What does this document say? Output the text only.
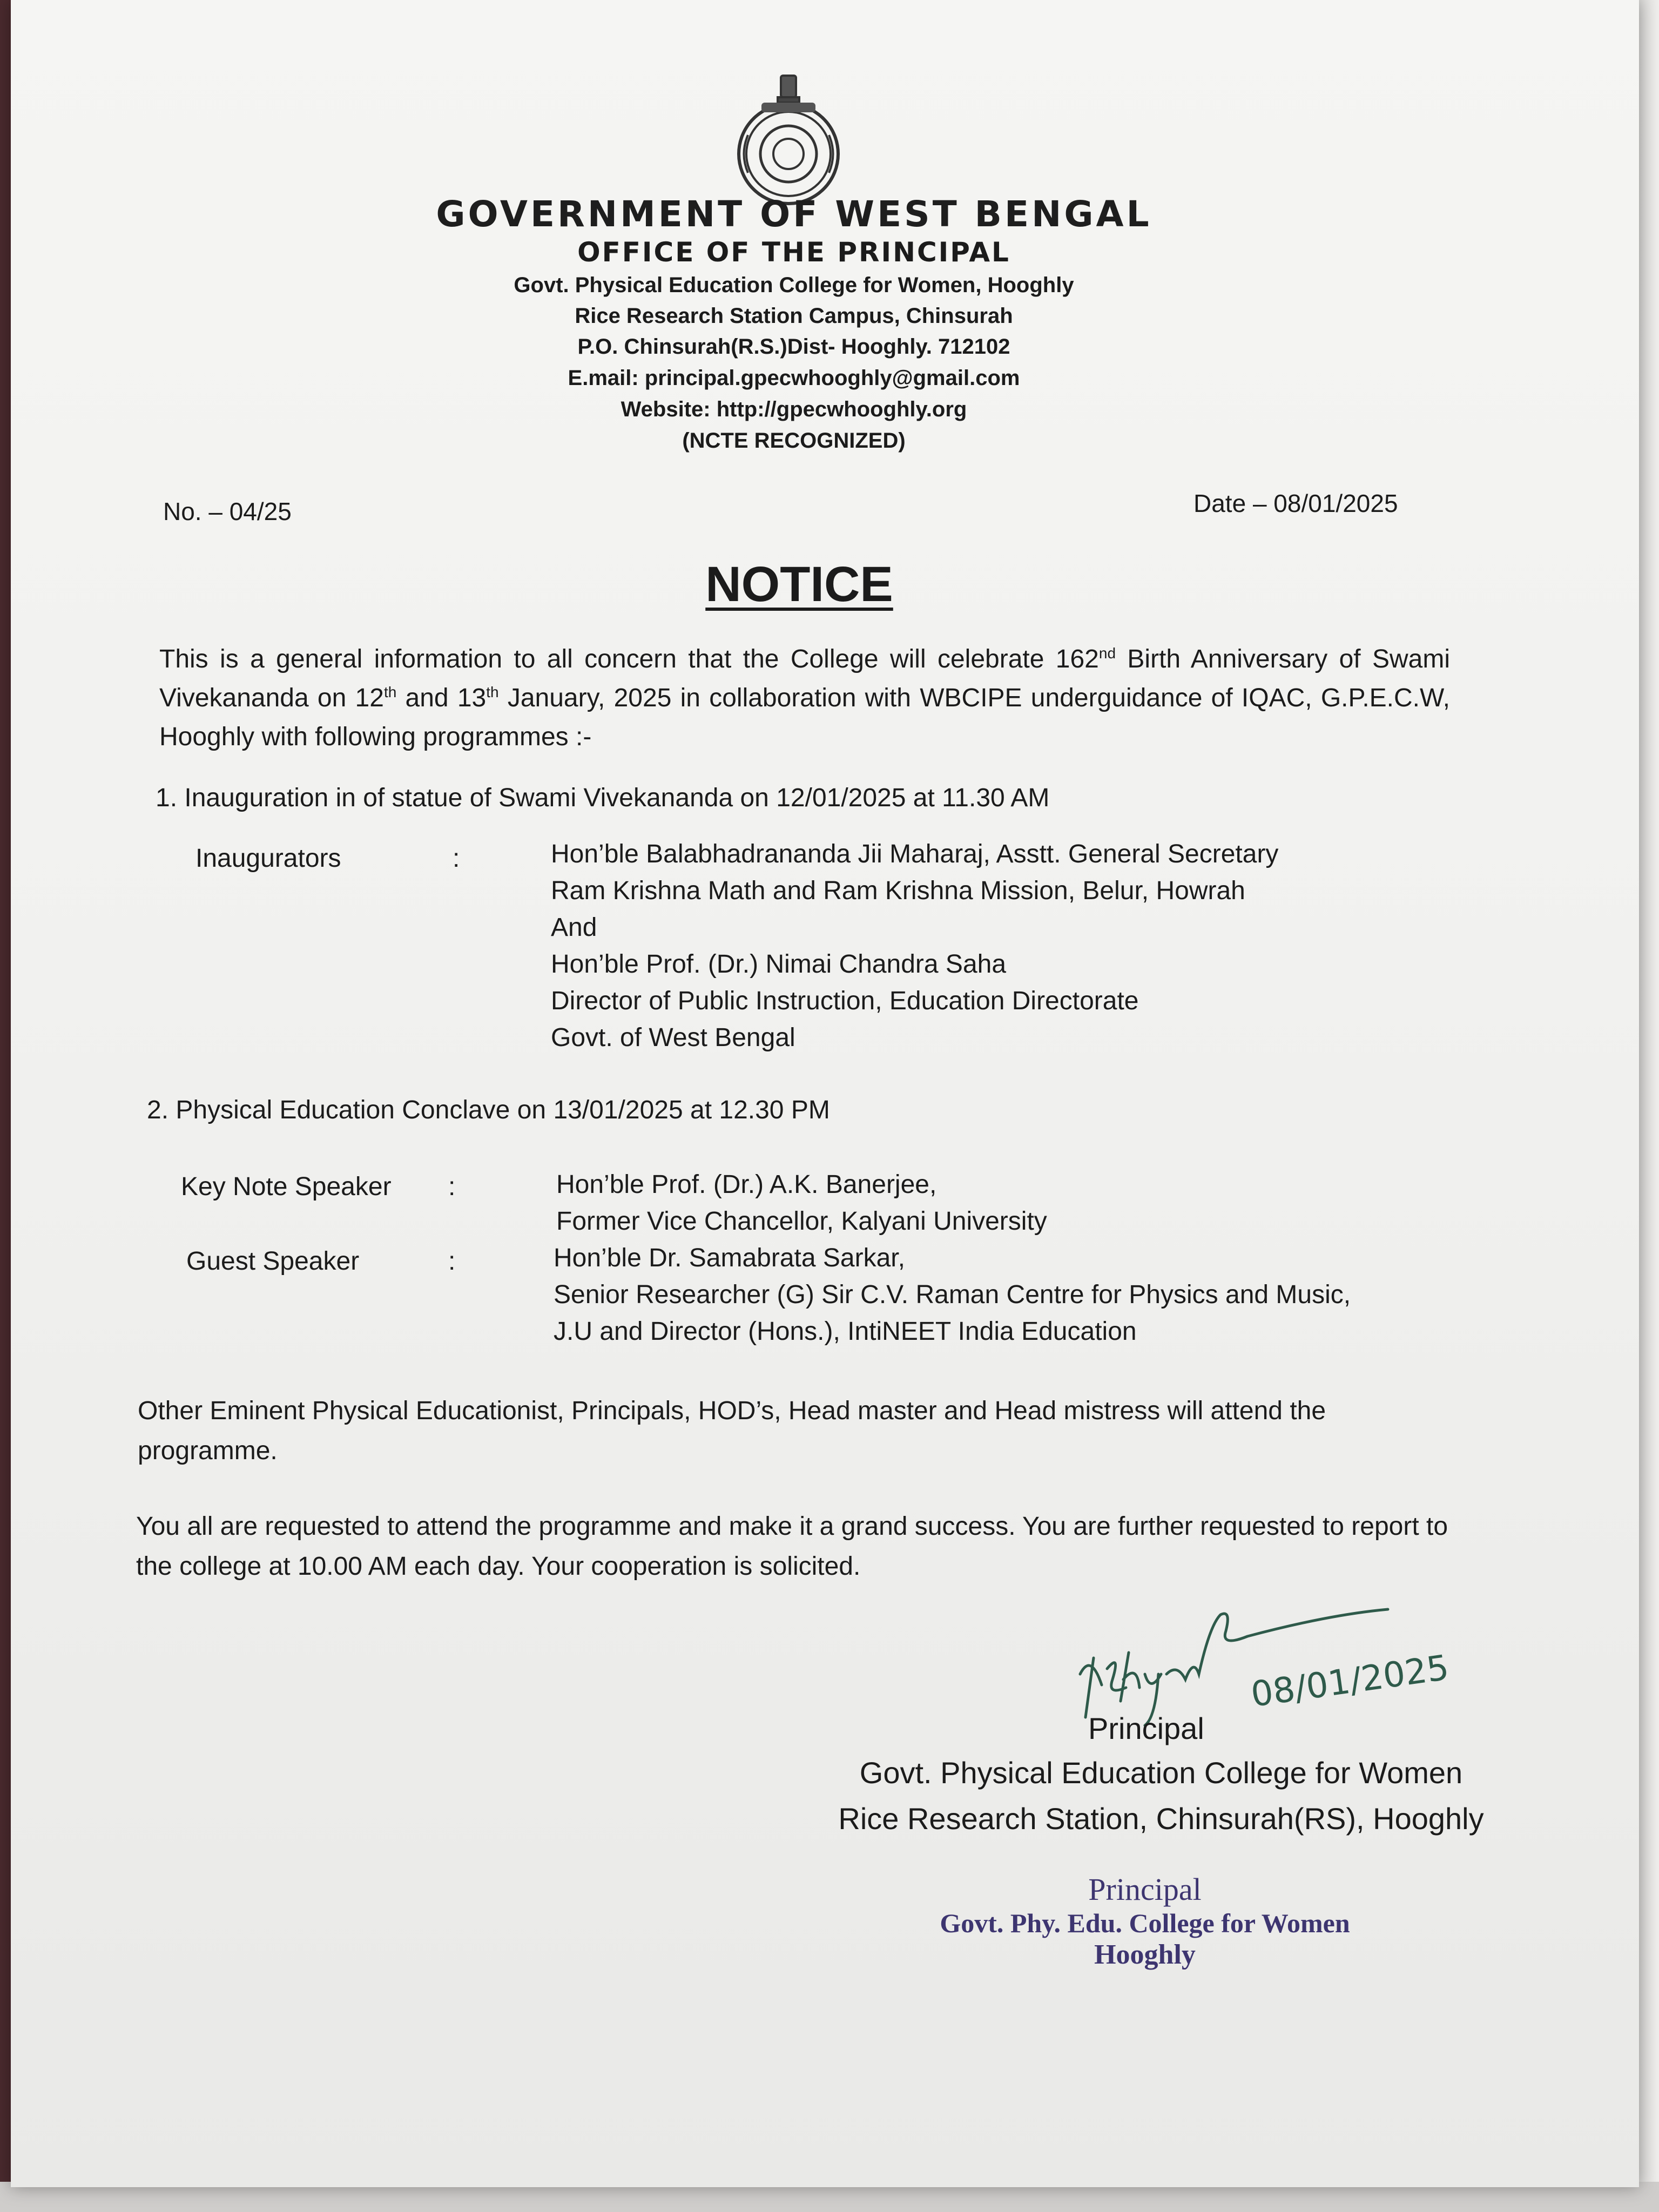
GOVERNMENT OF WEST BENGAL
OFFICE OF THE PRINCIPAL
Govt. Physical Education College for Women, Hooghly
Rice Research Station Campus, Chinsurah
P.O. Chinsurah(R.S.)Dist- Hooghly. 712102
E.mail: principal.gpecwhooghly@gmail.com
Website: http://gpecwhooghly.org
(NCTE RECOGNIZED)
No. – 04/25	Date – 08/01/2025
NOTICE

This is a general information to all concern that the College will celebrate 162nd Birth Anniversary of Swami Vivekananda on 12th and 13th January, 2025 in collaboration with WBCIPE underguidance of IQAC, G.P.E.C.W, Hooghly with following programmes :-

1. Inauguration in of statue of Swami Vivekananda on 12/01/2025 at 11.30 AM
Inaugurators	:	Hon’ble Balabhadrananda Jii Maharaj, Asstt. General Secretary
Ram Krishna Math and Ram Krishna Mission, Belur, Howrah
And
Hon’ble Prof. (Dr.) Nimai Chandra Saha
Director of Public Instruction, Education Directorate
Govt. of West Bengal
2. Physical Education Conclave on 13/01/2025 at 12.30 PM
Key Note Speaker :	Hon’ble Prof. (Dr.) A.K. Banerjee,
Former Vice Chancellor, Kalyani University
Guest Speaker	:	Hon’ble Dr. Samabrata Sarkar,
Senior Researcher (G) Sir C.V. Raman Centre for Physics and Music,
J.U and Director (Hons.), IntiNEET India Education
Other Eminent Physical Educationist, Principals, HOD’s, Head master and Head mistress will attend the programme.
You all are requested to attend the programme and make it a grand success. You are further requested to report to the college at 10.00 AM each day. Your cooperation is solicited.
08/01/2025
Principal
Govt. Physical Education College for Women
Rice Research Station, Chinsurah(RS), Hooghly
Principal
Govt. Phy. Edu. College for Women
Hooghly
